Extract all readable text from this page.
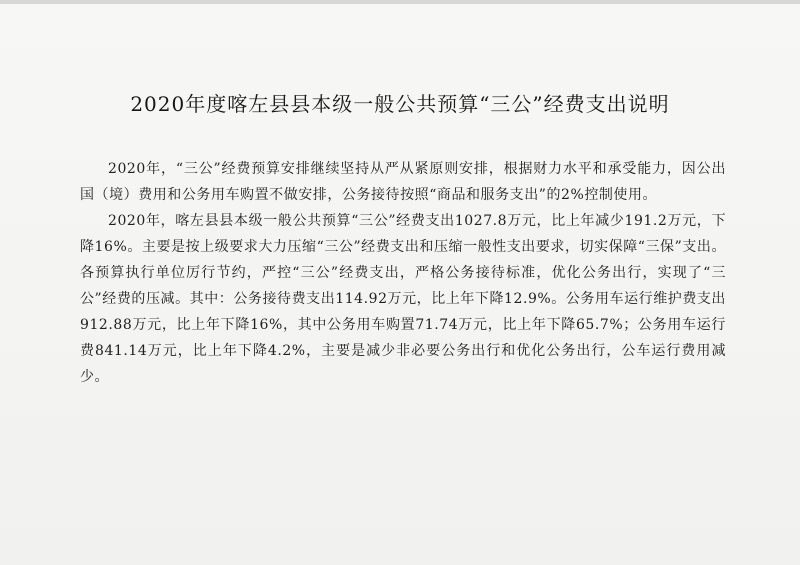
2020年度喀左县县本级一般公共预算“三公”经费支出说明

2020年，“三公”经费预算安排继续坚持从严从紧原则安排，根据财力水平和承受能力，因公出国（境）费用和公务用车购置不做安排，公务接待按照“商品和服务支出”的2%控制使用。

2020年，喀左县县本级一般公共预算“三公”经费支出1027.8万元，比上年减少191.2万元，下降16%。主要是按上级要求大力压缩“三公”经费支出和压缩一般性支出要求，切实保障“三保”支出。各预算执行单位厉行节约，严控“三公”经费支出，严格公务接待标准，优化公务出行，实现了“三公”经费的压减。其中：公务接待费支出114.92万元，比上年下降12.9%。公务用车运行维护费支出912.88万元，比上年下降16%，其中公务用车购置71.74万元，比上年下降65.7%；公务用车运行费841.14万元，比上年下降4.2%，主要是减少非必要公务出行和优化公务出行，公车运行费用减少。
